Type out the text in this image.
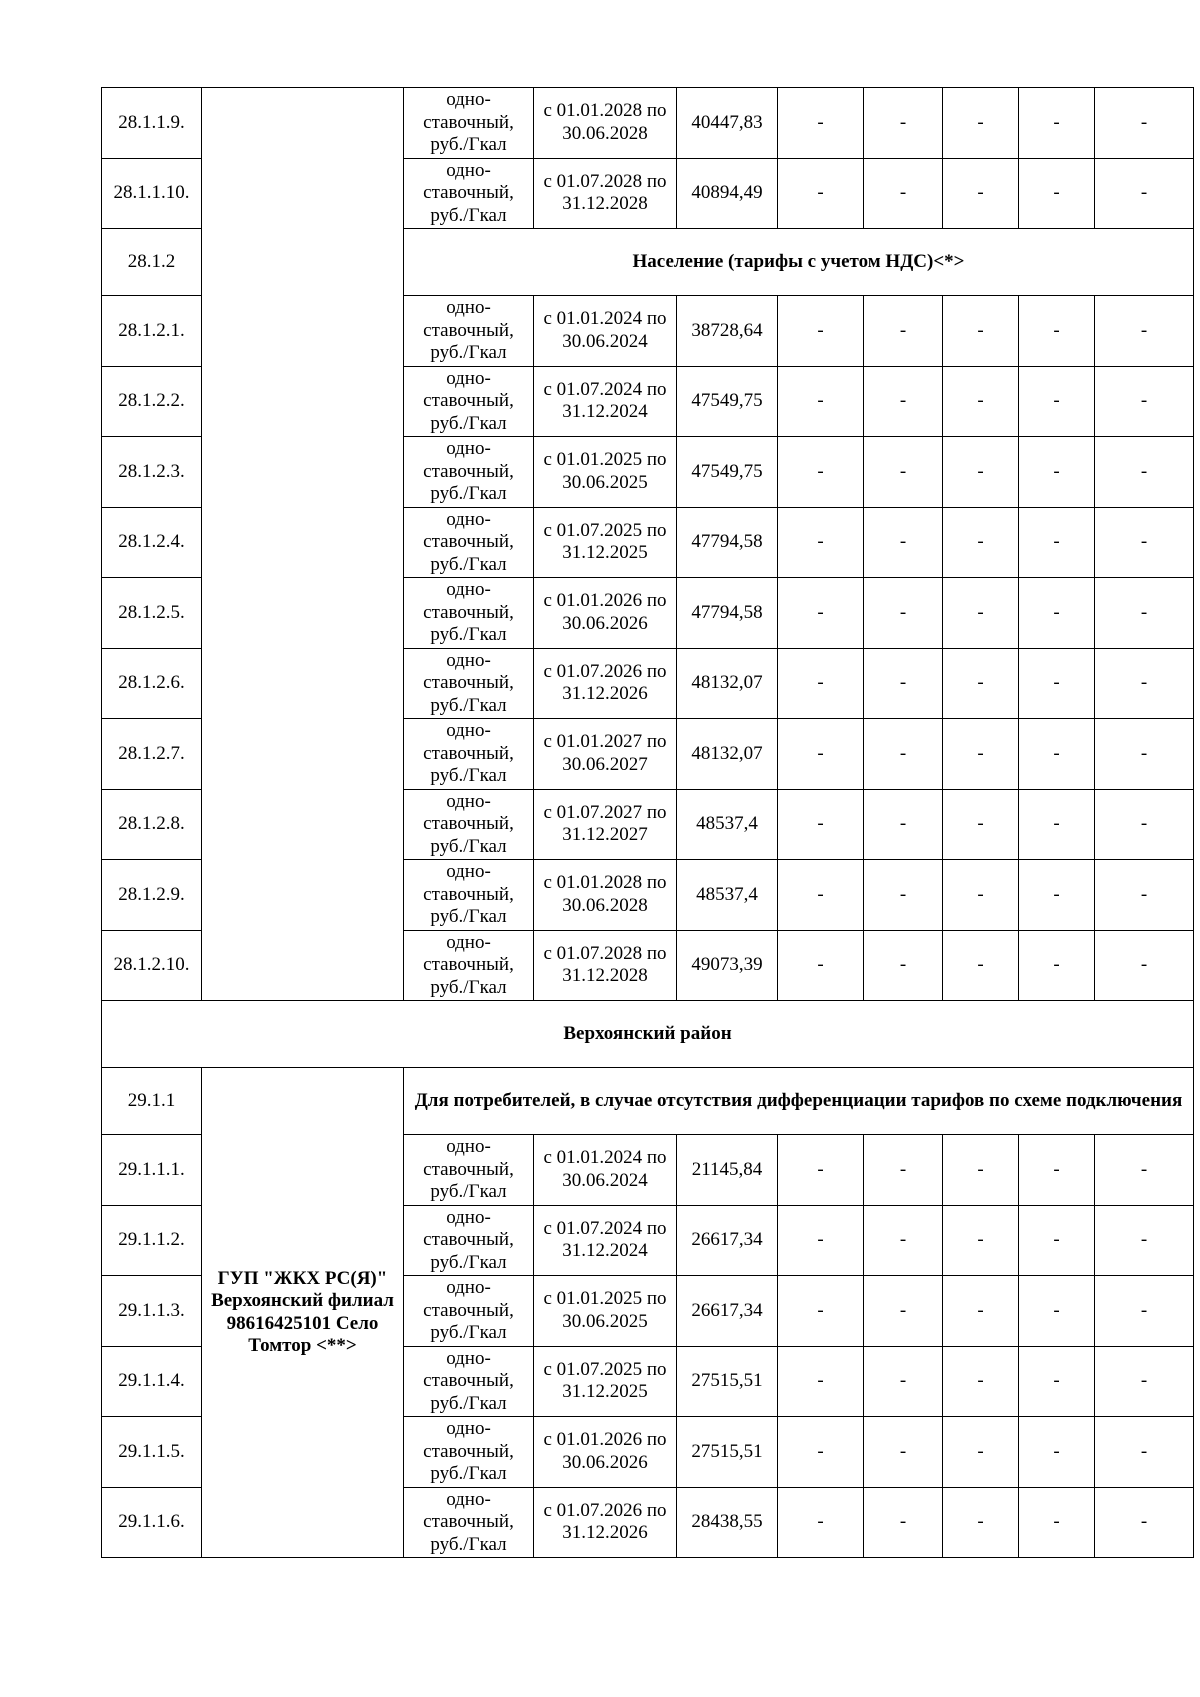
28.1.1.9.		одно-ставочный, руб./Гкал	с 01.01.2028 по 30.06.2028	40447,83	-	-	-	-	-
28.1.1.10.		одно-ставочный, руб./Гкал	с 01.07.2028 по 31.12.2028	40894,49	-	-	-	-	-
28.1.2		Население (тарифы с учетом НДС)<*>							
28.1.2.1.		одно-ставочный, руб./Гкал	с 01.01.2024 по 30.06.2024	38728,64	-	-	-	-	-
28.1.2.2.		одно-ставочный, руб./Гкал	с 01.07.2024 по 31.12.2024	47549,75	-	-	-	-	-
28.1.2.3.		одно-ставочный, руб./Гкал	с 01.01.2025 по 30.06.2025	47549,75	-	-	-	-	-
28.1.2.4.		одно-ставочный, руб./Гкал	с 01.07.2025 по 31.12.2025	47794,58	-	-	-	-	-
28.1.2.5.		одно-ставочный, руб./Гкал	с 01.01.2026 по 30.06.2026	47794,58	-	-	-	-	-
28.1.2.6.		одно-ставочный, руб./Гкал	с 01.07.2026 по 31.12.2026	48132,07	-	-	-	-	-
28.1.2.7.		одно-ставочный, руб./Гкал	с 01.01.2027 по 30.06.2027	48132,07	-	-	-	-	-
28.1.2.8.		одно-ставочный, руб./Гкал	с 01.07.2027 по 31.12.2027	48537,4	-	-	-	-	-
28.1.2.9.		одно-ставочный, руб./Гкал	с 01.01.2028 по 30.06.2028	48537,4	-	-	-	-	-
28.1.2.10.		одно-ставочный, руб./Гкал	с 01.07.2028 по 31.12.2028	49073,39	-	-	-	-	-
Верхоянский район									
29.1.1	ГУП "ЖКХ РС(Я)" Верхоянский филиал 98616425101 Село Томтор <**>	Для потребителей, в случае отсутствия дифференциации тарифов по схеме подключения							
29.1.1.1.		одно-ставочный, руб./Гкал	с 01.01.2024 по 30.06.2024	21145,84	-	-	-	-	-
29.1.1.2.		одно-ставочный, руб./Гкал	с 01.07.2024 по 31.12.2024	26617,34	-	-	-	-	-
29.1.1.3.		одно-ставочный, руб./Гкал	с 01.01.2025 по 30.06.2025	26617,34	-	-	-	-	-
29.1.1.4.		одно-ставочный, руб./Гкал	с 01.07.2025 по 31.12.2025	27515,51	-	-	-	-	-
29.1.1.5.		одно-ставочный, руб./Гкал	с 01.01.2026 по 30.06.2026	27515,51	-	-	-	-	-
29.1.1.6.		одно-ставочный, руб./Гкал	с 01.07.2026 по 31.12.2026	28438,55	-	-	-	-	-
